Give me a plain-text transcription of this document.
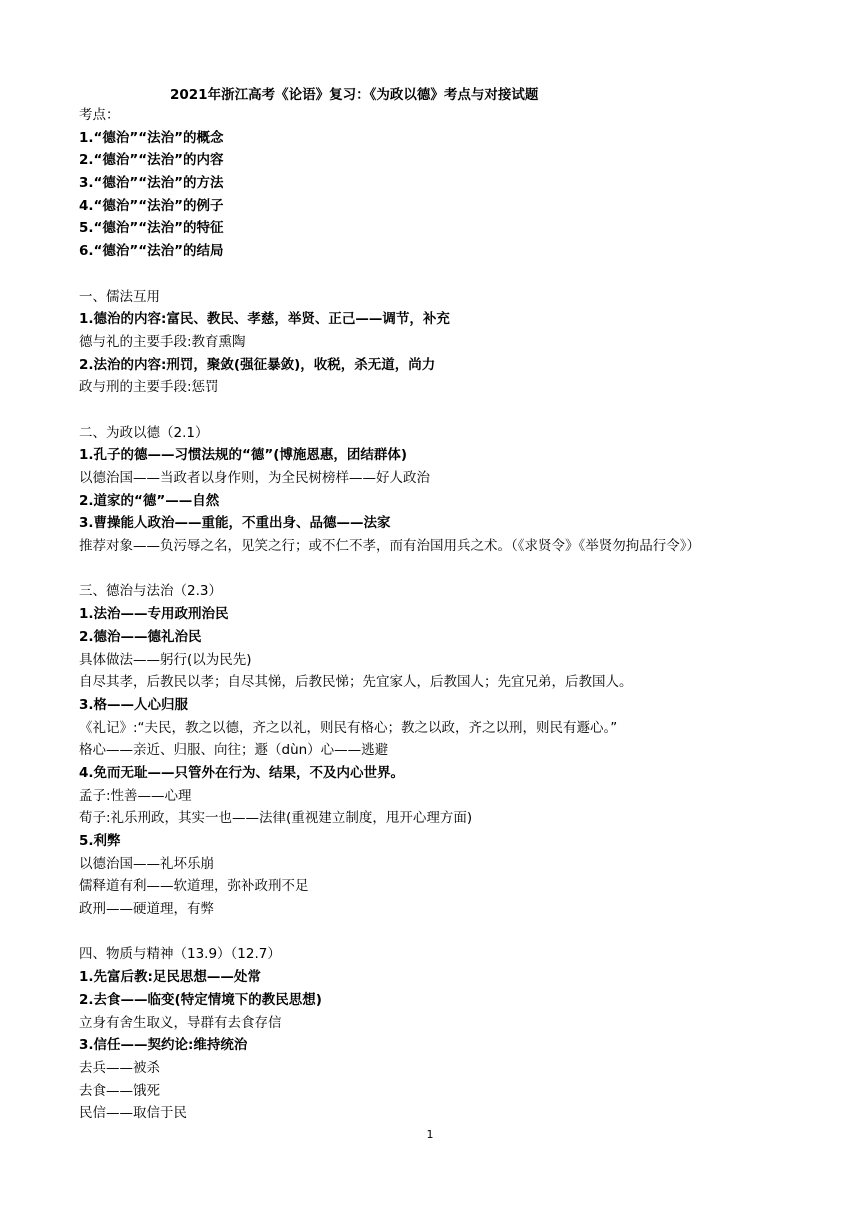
2021年浙江高考《论语》复习：《为政以德》考点与对接试题
考点：
1.“德治”“法治”的概念
2.“德治”“法治”的内容
3.“德治”“法治”的方法
4.“德治”“法治”的例子
5.“德治”“法治”的特征
6.“德治”“法治”的结局
一、儒法互用
1.德治的内容:富民、教民、孝慈，举贤、正己——调节，补充
德与礼的主要手段:教育熏陶
2.法治的内容:刑罚，聚敛(强征暴敛)，收税，杀无道，尚力
政与刑的主要手段:惩罚
二、为政以德（2.1）
1.孔子的德——习惯法规的“德”(博施恩惠，团结群体)
以德治国——当政者以身作则，为全民树榜样——好人政治
2.道家的“德”——自然
3.曹操能人政治——重能，不重出身、品德——法家
推荐对象——负污辱之名，见笑之行；或不仁不孝，而有治国用兵之术。（《求贤令》《举贤勿拘品行令》）
三、德治与法治（2.3）
1.法治——专用政刑治民
2.德治——德礼治民
具体做法——躬行(以为民先)
自尽其孝，后教民以孝；自尽其悌，后教民悌；先宜家人，后教国人；先宜兄弟，后教国人。
3.格——人心归服
《礼记》:“夫民，教之以德，齐之以礼，则民有格心；教之以政，齐之以刑，则民有遯心。”
格心——亲近、归服、向往；遯（dùn）心——逃避
4.免而无耻——只管外在行为、结果，不及内心世界。
孟子:性善——心理
荀子:礼乐刑政，其实一也——法律(重视建立制度，甩开心理方面)
5.利弊
以德治国——礼坏乐崩
儒释道有利——软道理，弥补政刑不足
政刑——硬道理，有弊
四、物质与精神（13.9）（12.7）
1.先富后教:足民思想——处常
2.去食——临变(特定情境下的教民思想)
立身有舍生取义，导群有去食存信
3.信任——契约论:维持统治
去兵——被杀
去食——饿死
民信——取信于民
1
